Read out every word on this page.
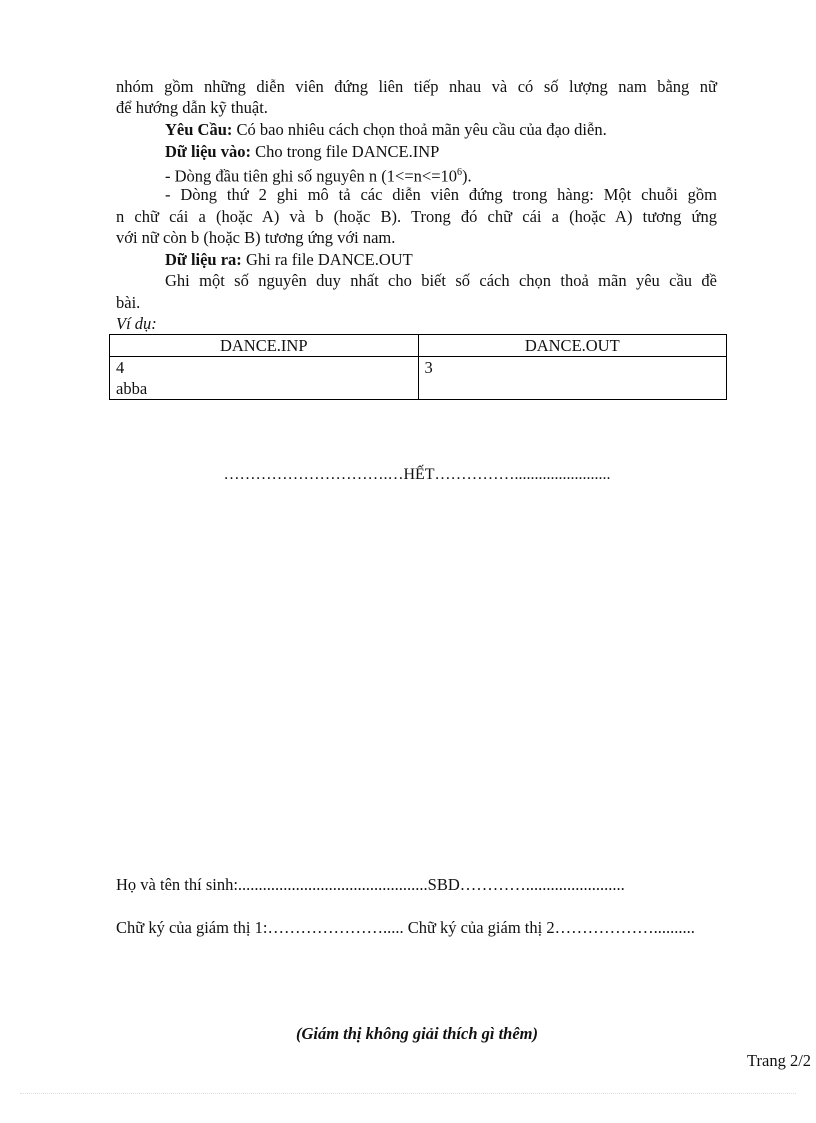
nhóm gồm những diễn viên đứng liên tiếp nhau và có số lượng nam bằng nữ
để hướng dẫn kỹ thuật.
Yêu Cầu: Có bao nhiêu cách chọn thoả mãn yêu cầu của đạo diễn.
Dữ liệu vào: Cho trong file DANCE.INP
- Dòng đầu tiên ghi số nguyên n $(1<=n<=10^6)$.
- Dòng thứ 2 ghi mô tả các diễn viên đứng trong hàng: Một chuỗi gồm
n chữ cái a (hoặc A) và b (hoặc B). Trong đó chữ cái a (hoặc A) tương ứng
với nữ còn b (hoặc B) tương ứng với nam.
Dữ liệu ra: Ghi ra file DANCE.OUT
Ghi một số nguyên duy nhất cho biết số cách chọn thoả mãn yêu cầu đề
bài.
Ví dụ:
DANCE.INP	DANCE.OUT

4
abba	3
………………………….…HẾT……………........................
Họ và tên thí sinh:..............................................SBD…………........................
Chữ ký của giám thị 1:…………………..... Chữ ký của giám thị 2………………..........
(Giám thị không giải thích gì thêm)
Trang 2/2
